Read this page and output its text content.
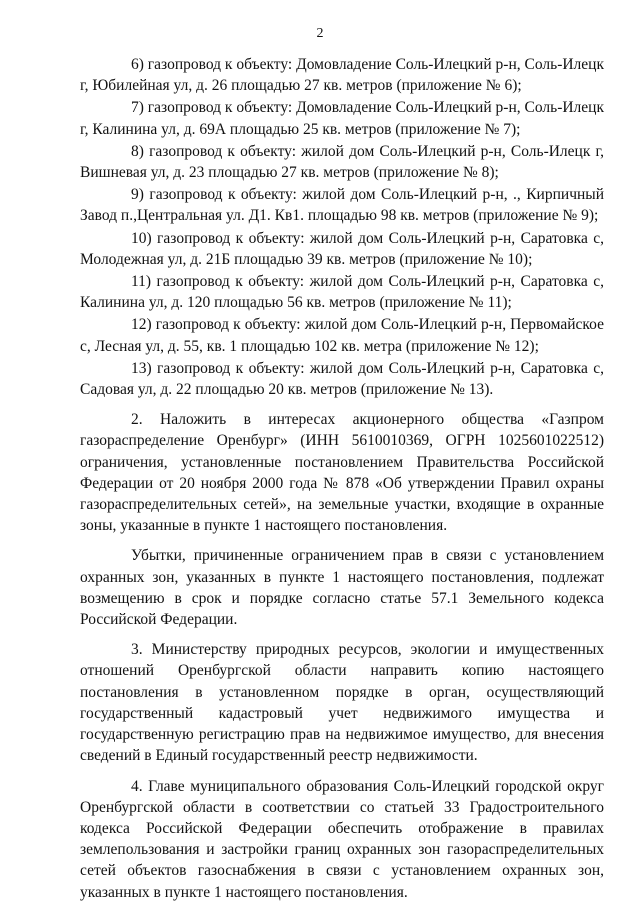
2

6) газопровод к объекту: Домовладение Соль-Илецкий р-н, Соль-Илецк г, Юбилейная ул, д. 26 площадью 27 кв. метров (приложение № 6);

7) газопровод к объекту: Домовладение Соль-Илецкий р-н, Соль-Илецк г, Калинина ул, д. 69А площадью 25 кв. метров (приложение № 7);

8) газопровод к объекту: жилой дом Соль-Илецкий р-н, Соль-Илецк г, Вишневая ул, д. 23 площадью 27 кв. метров (приложение № 8);

9) газопровод к объекту: жилой дом Соль-Илецкий р-н, ., Кирпичный Завод п.,Центральная ул. Д1. Кв1. площадью 98 кв. метров (приложение № 9);

10) газопровод к объекту: жилой дом Соль-Илецкий р-н, Саратовка с, Молодежная ул, д. 21Б площадью 39 кв. метров (приложение № 10);

11) газопровод к объекту: жилой дом Соль-Илецкий р-н, Саратовка с, Калинина ул, д. 120 площадью 56 кв. метров (приложение № 11);

12) газопровод к объекту: жилой дом Соль-Илецкий р-н, Первомайское с, Лесная ул, д. 55, кв. 1 площадью 102 кв. метра (приложение № 12);

13) газопровод к объекту: жилой дом Соль-Илецкий р-н, Саратовка с, Садовая ул, д. 22 площадью 20 кв. метров (приложение № 13).

2. Наложить в интересах акционерного общества «Газпром газораспределение Оренбург» (ИНН 5610010369, ОГРН 1025601022512) ограничения, установленные постановлением Правительства Российской Федерации от 20 ноября 2000 года № 878 «Об утверждении Правил охраны газораспределительных сетей», на земельные участки, входящие в охранные зоны, указанные в пункте 1 настоящего постановления.

Убытки, причиненные ограничением прав в связи с установлением охранных зон, указанных в пункте 1 настоящего постановления, подлежат возмещению в срок и порядке согласно статье 57.1 Земельного кодекса Российской Федерации.

3. Министерству природных ресурсов, экологии и имущественных отношений Оренбургской области направить копию настоящего постановления в установленном порядке в орган, осуществляющий государственный кадастровый учет недвижимого имущества и государственную регистрацию прав на недвижимое имущество, для внесения сведений в Единый государственный реестр недвижимости.

4. Главе муниципального образования Соль-Илецкий городской округ Оренбургской области в соответствии со статьей 33 Градостроительного кодекса Российской Федерации обеспечить отображение в правилах землепользования и застройки границ охранных зон газораспределительных сетей объектов газоснабжения в связи с установлением охранных зон, указанных в пункте 1 настоящего постановления.
